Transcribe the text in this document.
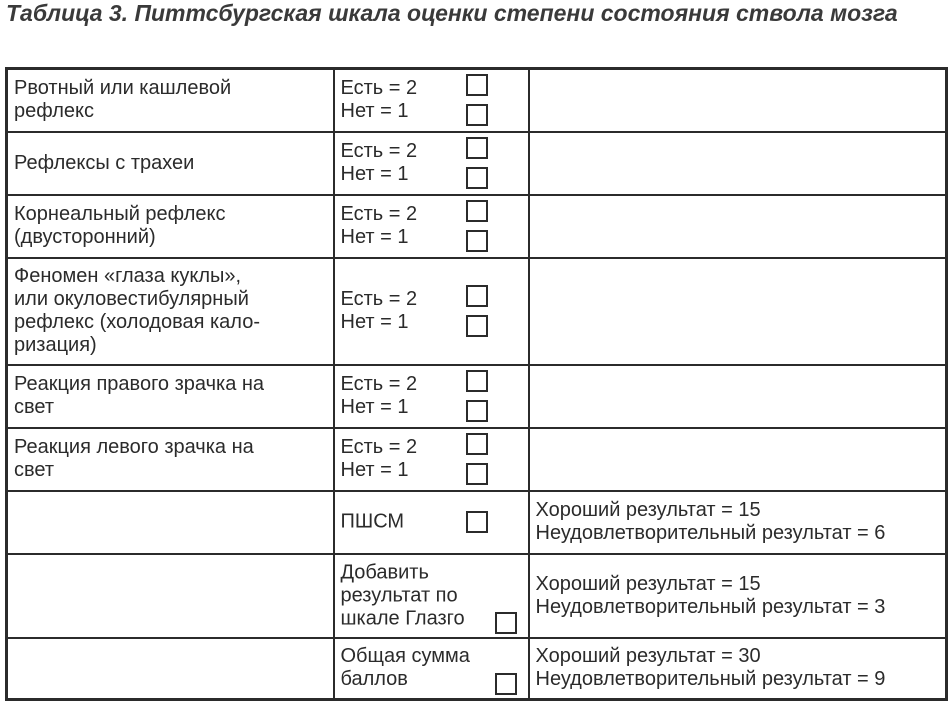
Таблица 3. Питтсбургская шкала оценки степени состояния ствола мозга
Рвотный или кашлевой
рефлекс	Есть = 2
Нет = 1	

Рефлексы с трахеи	Есть = 2
Нет = 1	

Корнеальный рефлекс
(двусторонний)	Есть = 2
Нет = 1	

Феномен «глаза куклы»,
или окуловестибулярный
рефлекс (холодовая кало-
ризация)	Есть = 2
Нет = 1	

Реакция правого зрачка на
свет	Есть = 2
Нет = 1	

Реакция левого зрачка на
свет	Есть = 2
Нет = 1	

	ПШСМ	Хороший результат = 15
Неудовлетворительный результат = 6

	Добавить
результат по
шкале Глазго	Хороший результат = 15
Неудовлетворительный результат = 3

	Общая сумма
баллов	Хороший результат = 30
Неудовлетворительный результат = 9
